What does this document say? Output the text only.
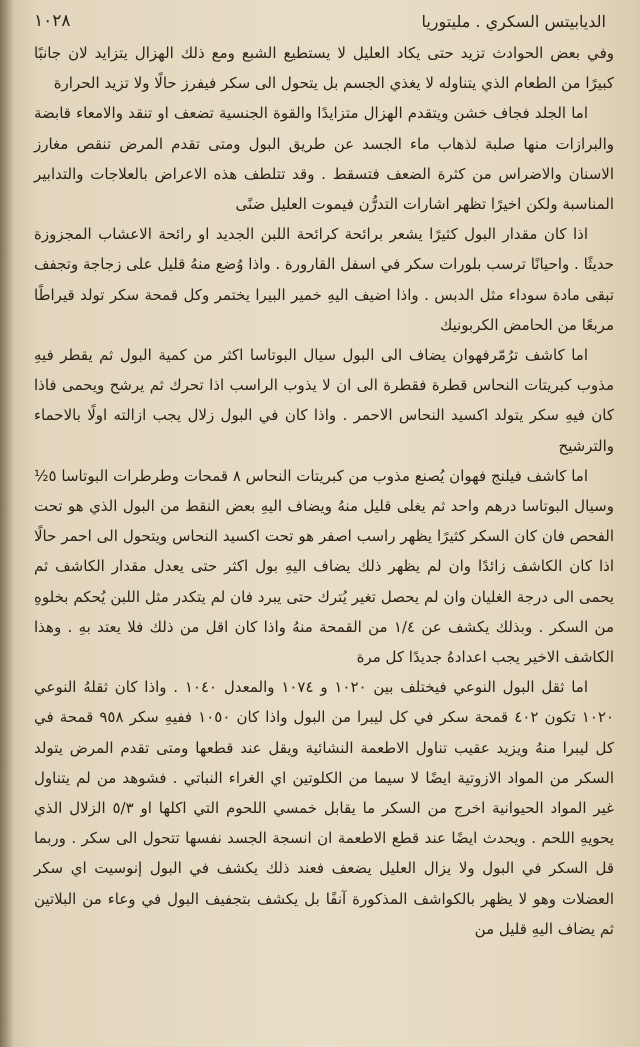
الديابيتس السكري . مليتوريا
١٠٢٨

وفي بعض الحوادث تزيد حتى يكاد العليل لا يستطيع الشبع ومع ذلك الهزال يتزايد لان جانبًا كبيرًا من الطعام الذي يتناوله لا يغذي الجسم بل يتحول الى سكر فيفرز حالًا ولا تزيد الحرارة

اما الجلد فجاف خشن ويتقدم الهزال متزايدًا والقوة الجنسية تضعف او تنقد والامعاء قابضة والبرازات منها صلبة لذهاب ماء الجسد عن طريق البول ومتى تقدم المرض تنقص مغارز الاسنان والاضراس من كثرة الضعف فتسقط . وقد تتلطف هذه الاعراض بالعلاجات والتدابير المناسبة ولكن اخيرًا تظهر اشارات التدرُّن فيموت العليل ضنًى

اذا كان مقدار البول كثيرًا يشعر برائحة كرائحة اللبن الجديد او رائحة الاعشاب المجزوزة حديثًا . واحيانًا ترسب بلورات سكر في اسفل القارورة . واذا وُضع منهُ قليل على زجاجة وتجفف تبقى مادة سوداء مثل الدبس . واذا اضيف اليهِ خمير البيرا يختمر وكل قمحة سكر تولد قيراطًا مربعًا من الحامض الكربونيك

اما كاشف ترُمّرفهوان يضاف الى البول سيال البوتاسا اكثر من كمية البول ثم يقطر فيهِ مذوب كبريتات النحاس قطرة فقطرة الى ان لا يذوب الراسب اذا تحرك ثم يرشح ويحمى فاذا كان فيهِ سكر يتولد اكسيد النحاس الاحمر . واذا كان في البول زلال يجب ازالته اولًا بالاحماء والترشيح

اما كاشف فيلنج فهوان يُصنع مذوب من كبريتات النحاس ٨ قمحات وطرطرات البوتاسا ٥½ وسيال البوتاسا درهم واحد ثم يغلى قليل منهُ ويضاف اليهِ بعض النقط من البول الذي هو تحت الفحص فان كان السكر كثيرًا يظهر راسب اصفر هو تحت اكسيد النحاس ويتحول الى احمر حالًا اذا كان الكاشف زائدًا وان لم يظهر ذلك يضاف اليهِ بول اكثر حتى يعدل مقدار الكاشف ثم يحمى الى درجة الغليان وان لم يحصل تغير يُترك حتى يبرد فان لم يتكدر مثل اللبن يُحكم بخلوهِ من السكر . وبذلك يكشف عن ١/٤ من القمحة منهُ واذا كان اقل من ذلك فلا يعتد بهِ . وهذا الكاشف الاخير يجب اعدادهُ جديدًا كل مرة

اما ثقل البول النوعي فيختلف بين ١٠٢٠ و ١٠٧٤ والمعدل ١٠٤٠ . واذا كان ثقلهُ النوعي ١٠٢٠ تكون ٤٠٢ قمحة سكر في كل ليبرا من البول واذا كان ١٠٥٠ ففيهِ سكر ٩٥٨ قمحة في كل ليبرا منهُ ويزيد عقيب تناول الاطعمة النشائية ويقل عند قطعها ومتى تقدم المرض يتولد السكر من المواد الازوتية ايضًا لا سيما من الكلوتين اي الغراء النباتي . فشوهد من لم يتناول غير المواد الحيوانية اخرج من السكر ما يقابل خمسي اللحوم التي اكلها او ٥/٣ الزلال الذي يحويهِ اللحم . ويحدث ايضًا عند قطع الاطعمة ان انسجة الجسد نفسها تتحول الى سكر . وربما قل السكر في البول ولا يزال العليل يضعف فعند ذلك يكشف في البول إنوسيت اي سكر العضلات وهو لا يظهر بالكواشف المذكورة آنفًا بل يكشف بتجفيف البول في وعاء من البلاتين ثم يضاف اليهِ قليل من
